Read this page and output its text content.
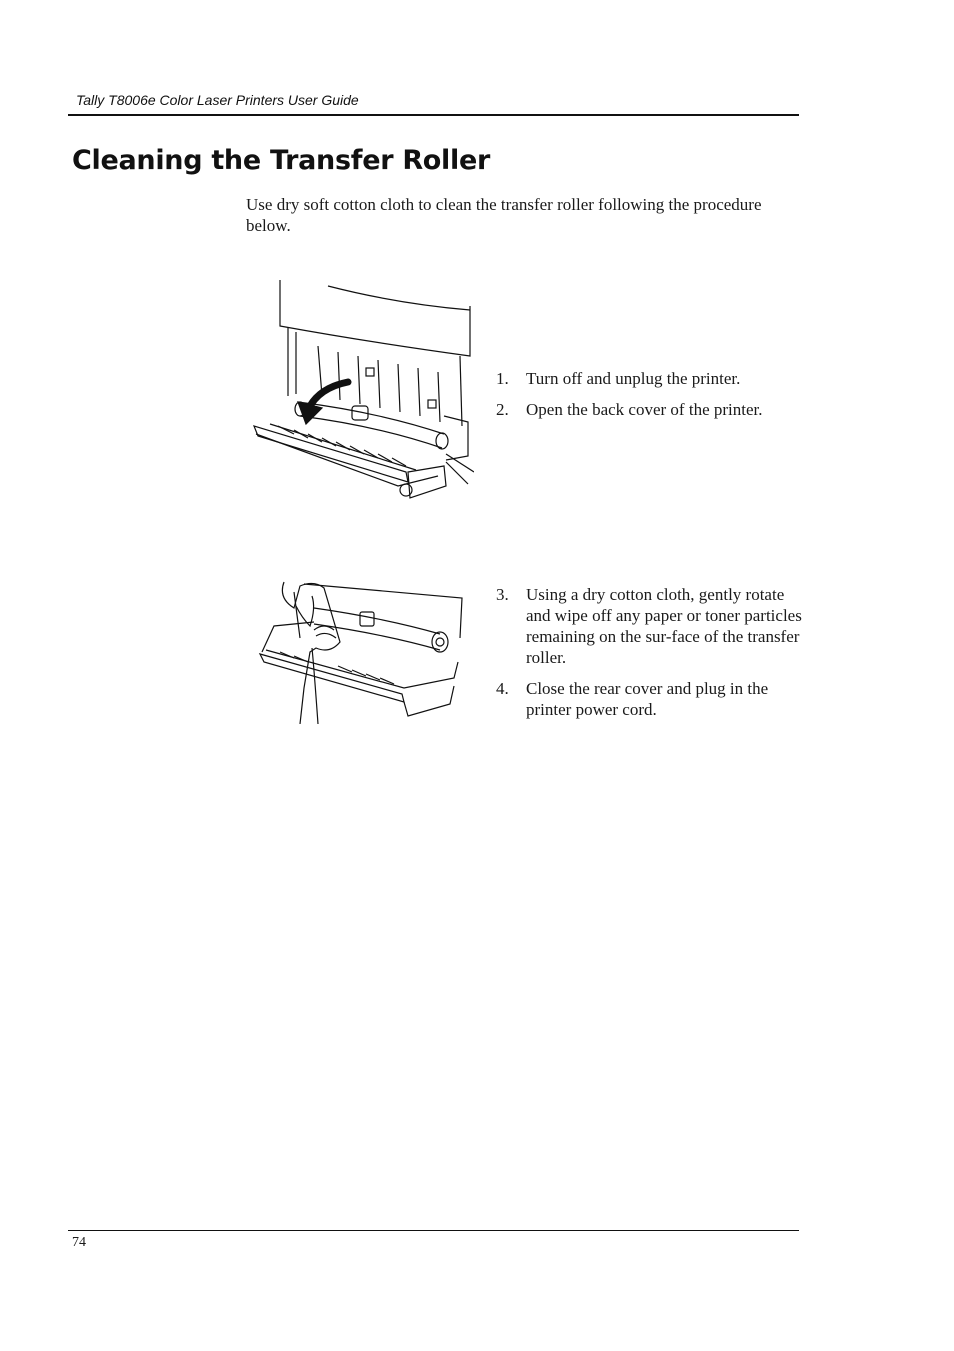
Tally T8006e Color Laser Printers User Guide
Cleaning the Transfer Roller

Use dry soft cotton cloth to clean the transfer roller following the procedure below.

1. Turn off and unplug the printer.
2. Open the back cover of the printer.
3. Using a dry cotton cloth, gently rotate and wipe off any paper or toner particles remaining on the sur-face of the transfer roller.
4. Close the rear cover and plug in the printer power cord.
74
